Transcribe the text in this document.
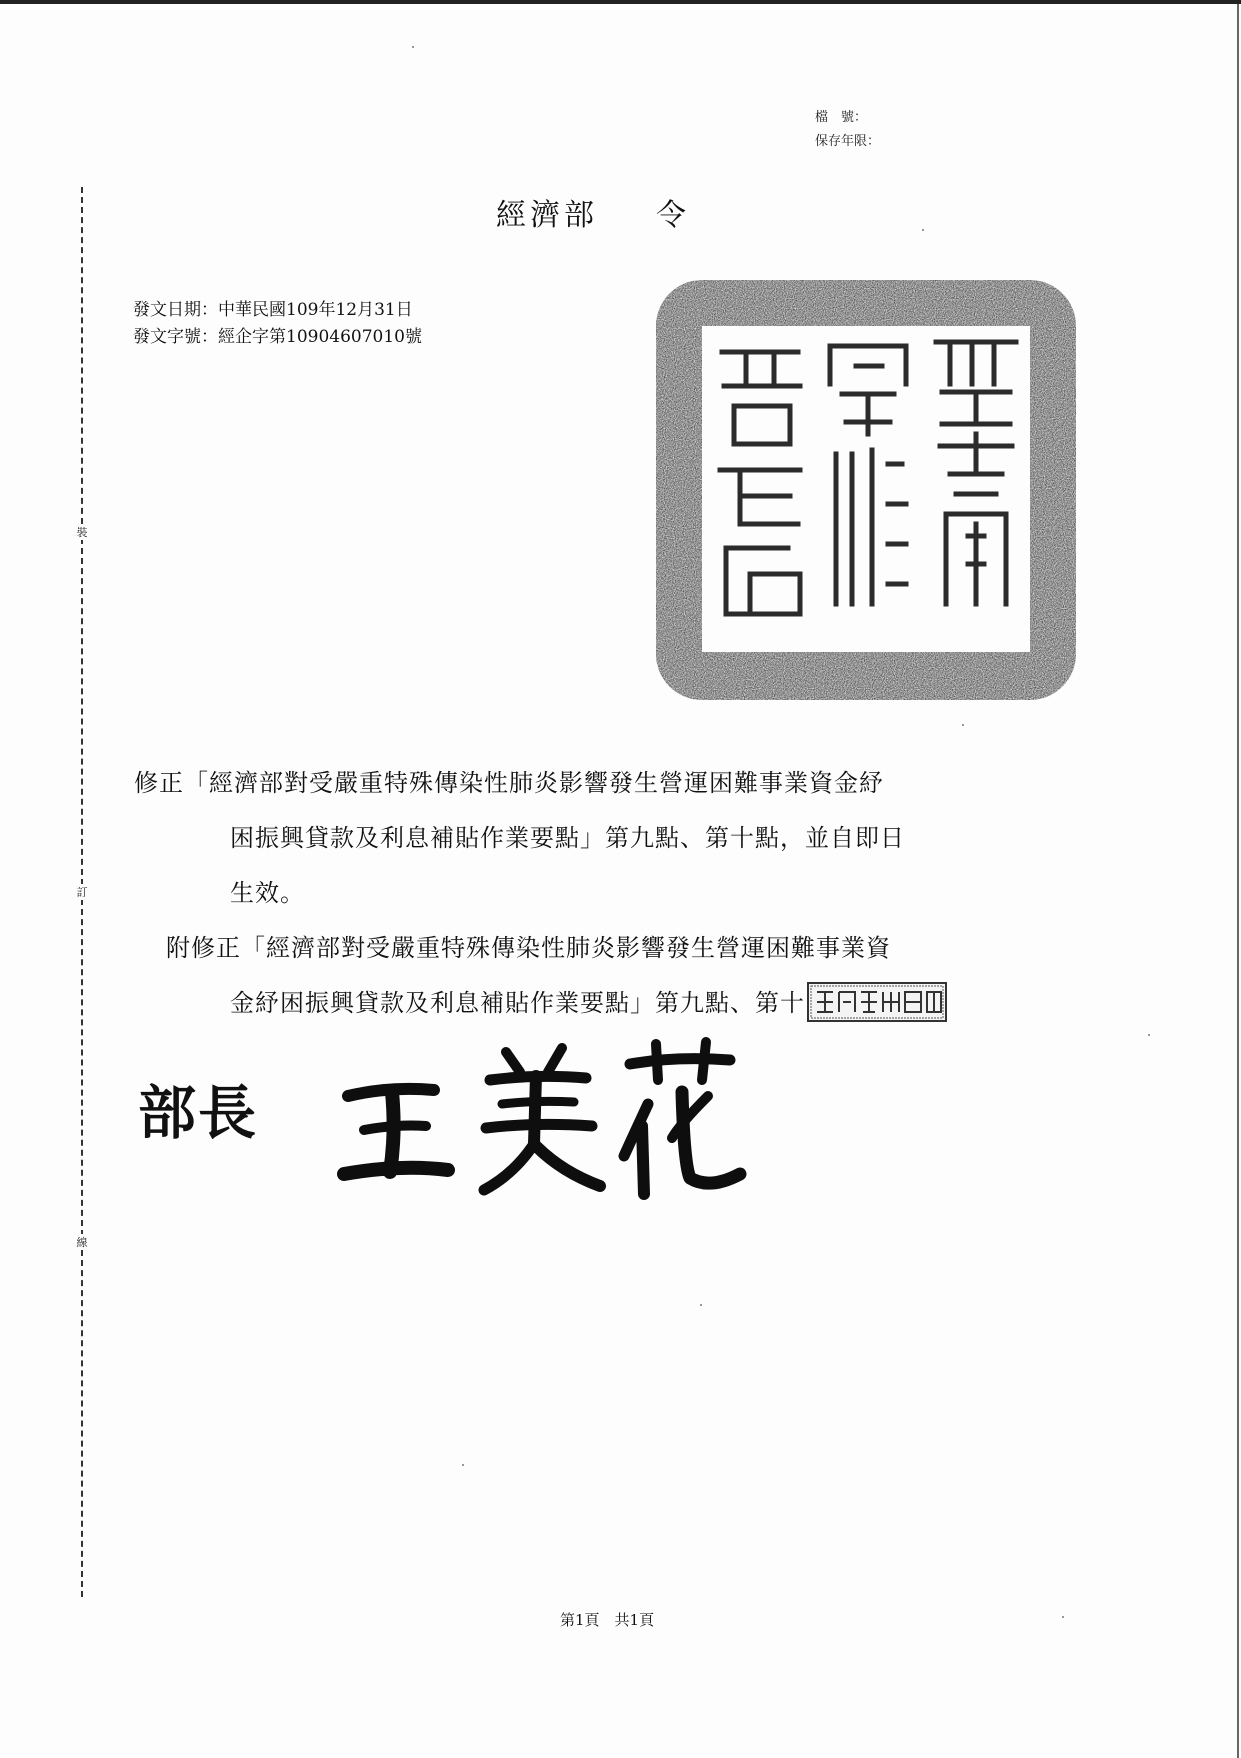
裝
訂
線
檔　號：
保存年限：
經濟部 令
發文日期：中華民國109年12月31日
發文字號：經企字第10904607010號
修正「經濟部對受嚴重特殊傳染性肺炎影響發生營運困難事業資金紓
困振興貸款及利息補貼作業要點」第九點、第十點，並自即日
生效。
附修正「經濟部對受嚴重特殊傳染性肺炎影響發生營運困難事業資
金紓困振興貸款及利息補貼作業要點」第九點、第十
部長
第1頁　共1頁
